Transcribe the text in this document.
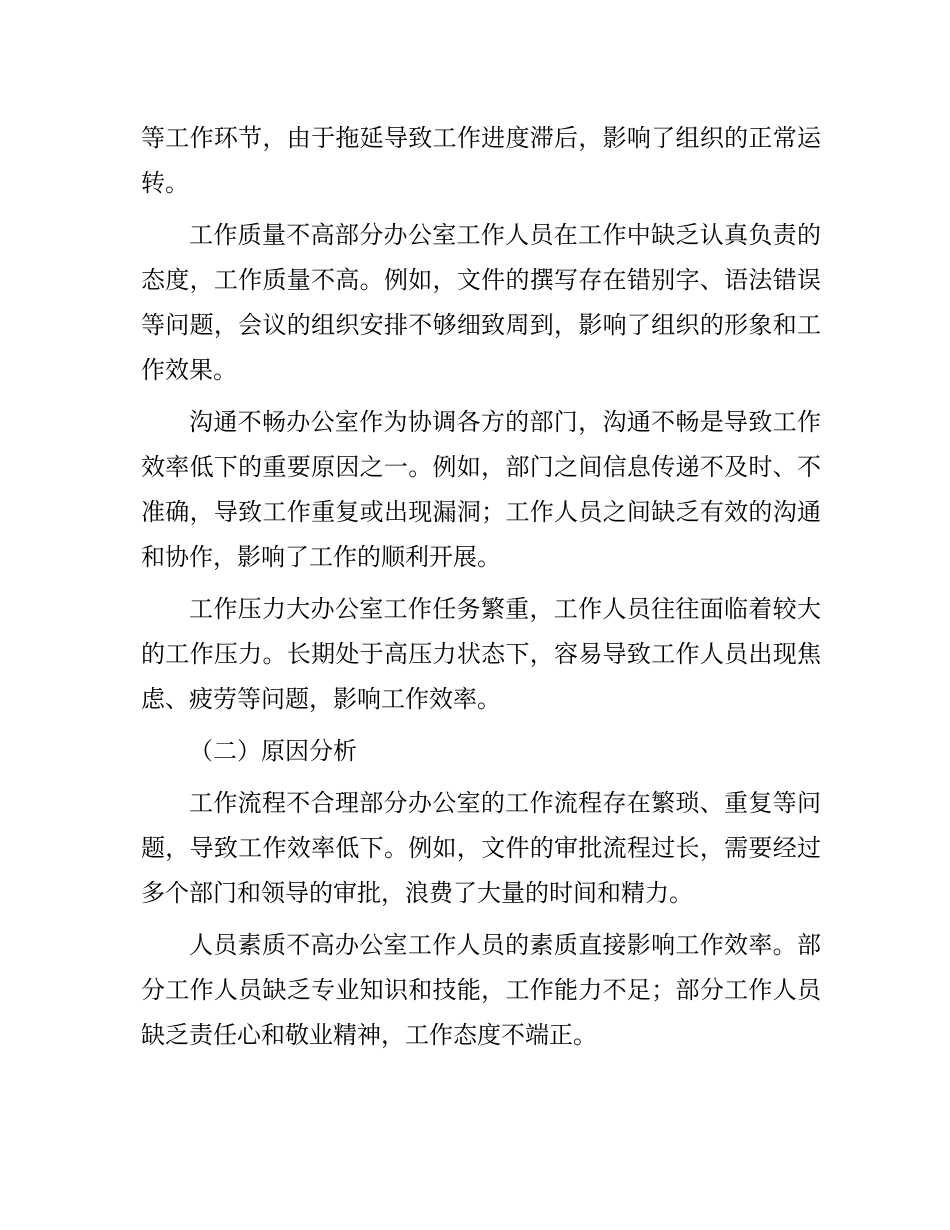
等工作环节，由于拖延导致工作进度滞后，影响了组织的正常运转。

工作质量不高部分办公室工作人员在工作中缺乏认真负责的态度，工作质量不高。例如，文件的撰写存在错别字、语法错误等问题，会议的组织安排不够细致周到，影响了组织的形象和工作效果。

沟通不畅办公室作为协调各方的部门，沟通不畅是导致工作效率低下的重要原因之一。例如，部门之间信息传递不及时、不准确，导致工作重复或出现漏洞；工作人员之间缺乏有效的沟通和协作，影响了工作的顺利开展。

工作压力大办公室工作任务繁重，工作人员往往面临着较大的工作压力。长期处于高压力状态下，容易导致工作人员出现焦虑、疲劳等问题，影响工作效率。

（二）原因分析

工作流程不合理部分办公室的工作流程存在繁琐、重复等问题，导致工作效率低下。例如，文件的审批流程过长，需要经过多个部门和领导的审批，浪费了大量的时间和精力。

人员素质不高办公室工作人员的素质直接影响工作效率。部分工作人员缺乏专业知识和技能，工作能力不足；部分工作人员缺乏责任心和敬业精神，工作态度不端正。
